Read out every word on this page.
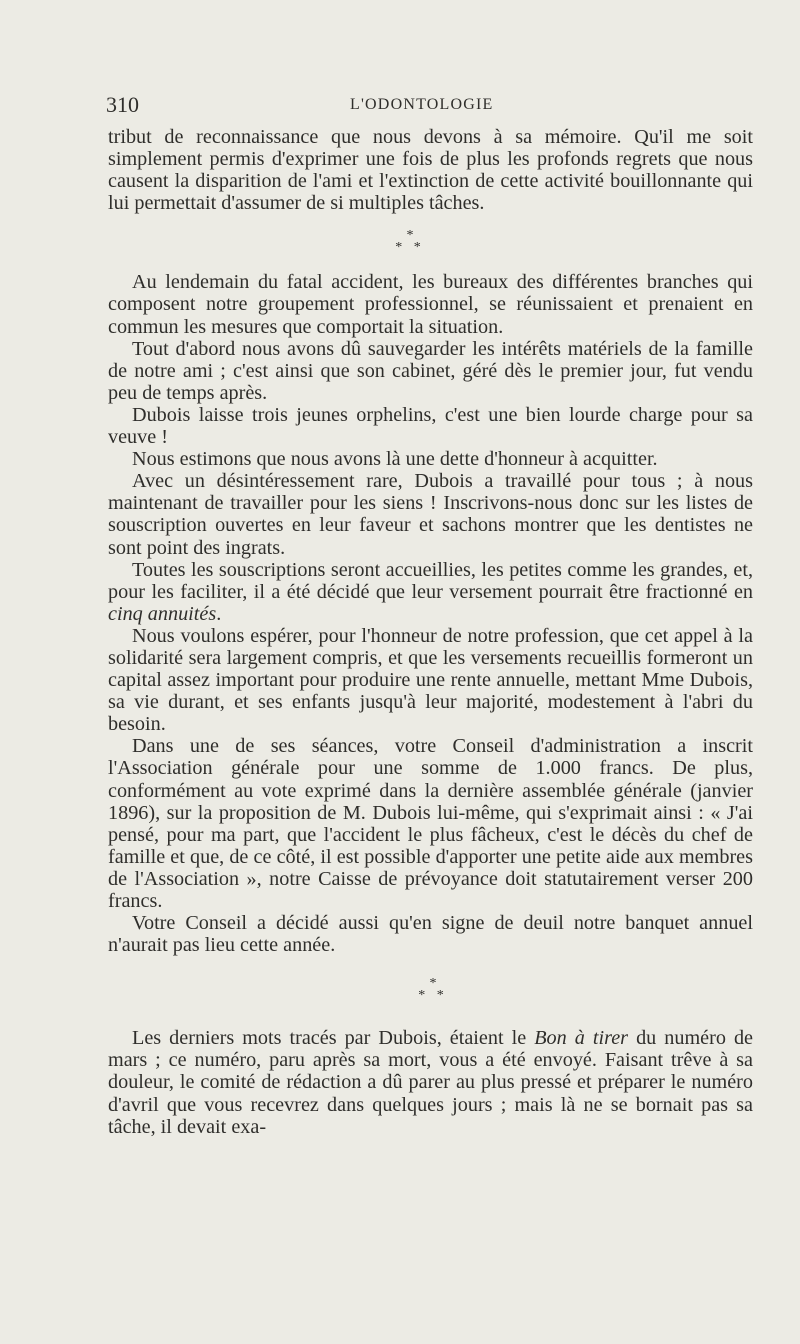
310	L'ODONTOLOGIE

tribut de reconnaissance que nous devons à sa mémoire. Qu'il me soit simplement permis d'exprimer une fois de plus les profonds regrets que nous causent la disparition de l'ami et l'extinction de cette activité bouillonnante qui lui permettait d'assumer de si multiples tâches.

*
* *

Au lendemain du fatal accident, les bureaux des différentes branches qui composent notre groupement professionnel, se réunissaient et prenaient en commun les mesures que comportait la situation.

Tout d'abord nous avons dû sauvegarder les intérêts matériels de la famille de notre ami ; c'est ainsi que son cabinet, géré dès le premier jour, fut vendu peu de temps après.

Dubois laisse trois jeunes orphelins, c'est une bien lourde charge pour sa veuve !

Nous estimons que nous avons là une dette d'honneur à acquitter.

Avec un désintéressement rare, Dubois a travaillé pour tous ; à nous maintenant de travailler pour les siens ! Inscrivons-nous donc sur les listes de souscription ouvertes en leur faveur et sachons montrer que les dentistes ne sont point des ingrats.

Toutes les souscriptions seront accueillies, les petites comme les grandes, et, pour les faciliter, il a été décidé que leur versement pourrait être fractionné en cinq annuités.

Nous voulons espérer, pour l'honneur de notre profession, que cet appel à la solidarité sera largement compris, et que les versements recueillis formeront un capital assez important pour produire une rente annuelle, mettant Mme Dubois, sa vie durant, et ses enfants jusqu'à leur majorité, modestement à l'abri du besoin.

Dans une de ses séances, votre Conseil d'administration a inscrit l'Association générale pour une somme de 1.000 francs. De plus, conformément au vote exprimé dans la dernière assemblée générale (janvier 1896), sur la proposition de M. Dubois lui-même, qui s'exprimait ainsi : « J'ai pensé, pour ma part, que l'accident le plus fâcheux, c'est le décès du chef de famille et que, de ce côté, il est possible d'apporter une petite aide aux membres de l'Association », notre Caisse de prévoyance doit statutairement verser 200 francs.

Votre Conseil a décidé aussi qu'en signe de deuil notre banquet annuel n'aurait pas lieu cette année.

*
* *

Les derniers mots tracés par Dubois, étaient le Bon à tirer du numéro de mars ; ce numéro, paru après sa mort, vous a été envoyé. Faisant trêve à sa douleur, le comité de rédaction a dû parer au plus pressé et préparer le numéro d'avril que vous recevrez dans quelques jours ; mais là ne se bornait pas sa tâche, il devait exa-
